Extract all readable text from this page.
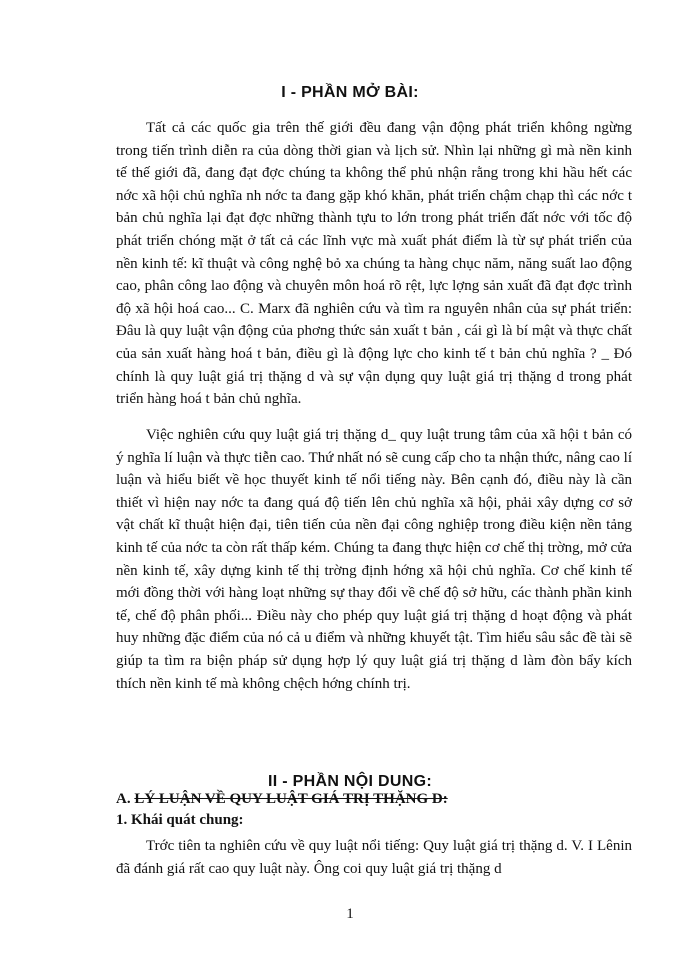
I - PHẦN MỞ BÀI:

Tất cả các quốc gia trên thế giới đều đang vận động phát triển không ngừng trong tiến trình diễn ra của dòng thời gian và lịch sử. Nhìn lại những gì mà nền kinh tế thế giới đã, đang đạt đợc chúng ta không thể phủ nhận rằng trong khi hầu hết các nớc xã hội chủ nghĩa nh nớc ta đang gặp khó khăn, phát triển chậm chạp thì các nớc t bản chủ nghĩa lại đạt đợc những thành tựu to lớn trong phát triển đất nớc với tốc độ phát triển chóng mặt ở tất cả các lĩnh vực mà xuất phát điểm là từ sự phát triển của nền kinh tế: kĩ thuật và công nghệ bỏ xa chúng ta hàng chục năm, năng suất lao động cao, phân công lao động và chuyên môn hoá rõ rệt, lực lợng sản xuất đã đạt đợc trình độ xã hội hoá cao... C. Marx đã nghiên cứu và tìm ra nguyên nhân của sự phát triển: Đâu là quy luật vận động của phơng thức sản xuất t bản , cái gì là bí mật và thực chất của sản xuất hàng hoá t bản, điều gì là động lực cho kinh tế t bản chủ nghĩa ? _ Đó chính là quy luật giá trị thặng d và sự vận dụng quy luật giá trị thặng d trong phát triển hàng hoá t bản chủ nghĩa.

Việc nghiên cứu quy luật giá trị thặng d_ quy luật trung tâm của xã hội t bản có ý nghĩa lí luận và thực tiễn cao. Thứ nhất nó sẽ cung cấp cho ta nhận thức, nâng cao lí luận và hiểu biết về học thuyết kinh tế nổi tiếng này. Bên cạnh đó, điều này là cần thiết vì hiện nay nớc ta đang quá độ tiến lên chủ nghĩa xã hội, phải xây dựng cơ sở vật chất kĩ thuật hiện đại, tiên tiến của nền đại công nghiệp trong điều kiện nền tảng kinh tế của nớc ta còn rất thấp kém. Chúng ta đang thực hiện cơ chế thị trờng, mở cửa nền kinh tế, xây dựng kinh tế thị trờng định hớng xã hội chủ nghĩa. Cơ chế kinh tế mới đồng thời với hàng loạt những sự thay đổi về chế độ sở hữu, các thành phần kinh tế, chế độ phân phối... Điều này cho phép quy luật giá trị thặng d hoạt động và phát huy những đặc điểm của nó cả u điểm và những khuyết tật. Tìm hiểu sâu sắc đề tài sẽ giúp ta tìm ra biện pháp sử dụng hợp lý quy luật giá trị thặng d làm đòn bẩy kích thích nền kinh tế mà không chệch hớng chính trị.

II - PHẦN NỘI DUNG:

A. LÝ LUẬN VỀ QUY LUẬT GIÁ TRỊ THẶNG D:

1. Khái quát chung:

Trớc tiên ta nghiên cứu về quy luật nổi tiếng: Quy luật giá trị thặng d. V. I Lênin đã đánh giá rất cao quy luật này. Ông coi quy luật giá trị thặng d

1
